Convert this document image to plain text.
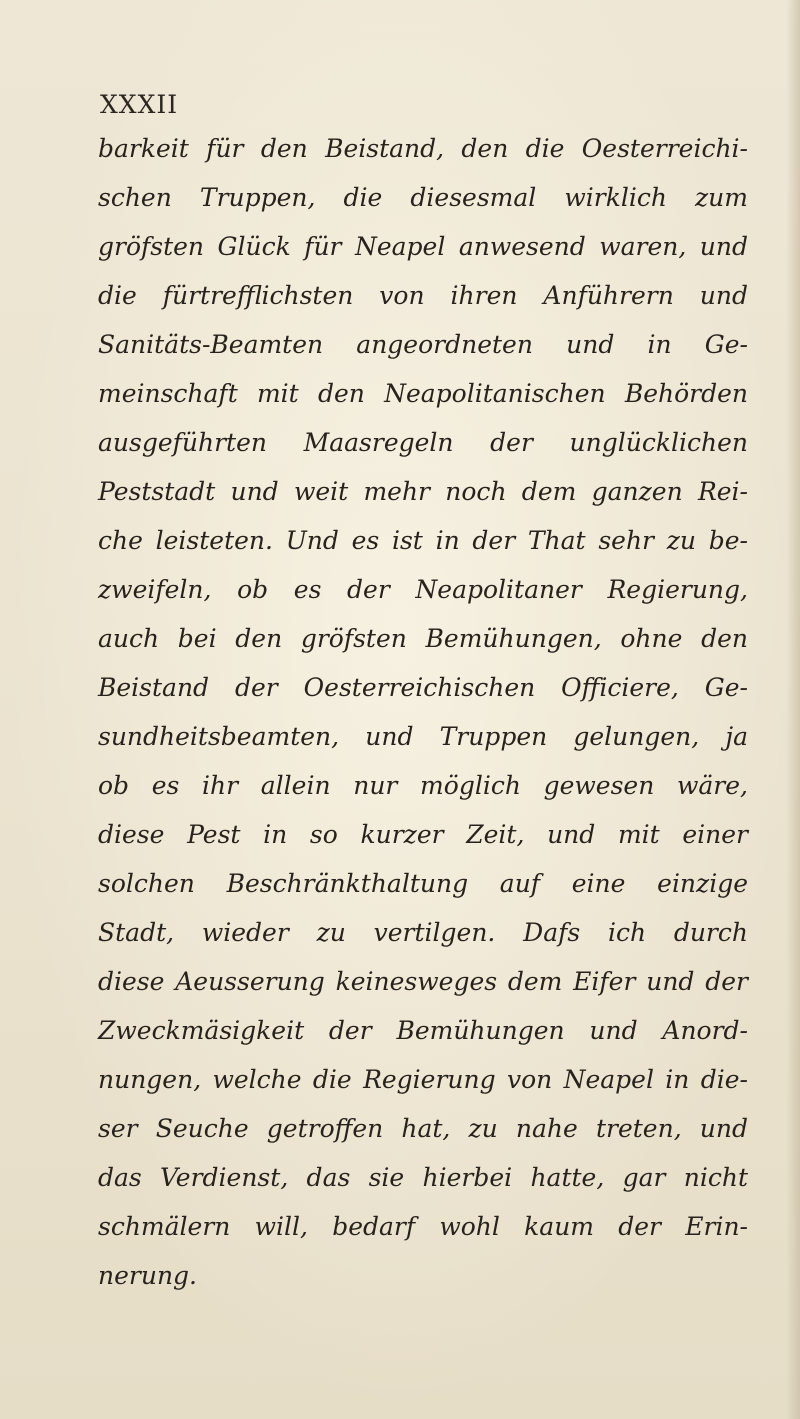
XXXII
barkeit für den Beistand, den die Oesterreichi-
schen Truppen, die diesesmal wirklich zum
gröfsten Glück für Neapel anwesend waren, und
die fürtrefflichsten von ihren Anführern und
Sanitäts-Beamten angeordneten und in Ge-
meinschaft mit den Neapolitanischen Behörden
ausgeführten Maasregeln der unglücklichen
Peststadt und weit mehr noch dem ganzen Rei-
che leisteten. Und es ist in der That sehr zu be-
zweifeln, ob es der Neapolitaner Regierung,
auch bei den gröfsten Bemühungen, ohne den
Beistand der Oesterreichischen Officiere, Ge-
sundheitsbeamten, und Truppen gelungen, ja
ob es ihr allein nur möglich gewesen wäre,
diese Pest in so kurzer Zeit, und mit einer
solchen Beschränkthaltung auf eine einzige
Stadt, wieder zu vertilgen. Dafs ich durch
diese Aeusserung keinesweges dem Eifer und der
Zweckmäsigkeit der Bemühungen und Anord-
nungen, welche die Regierung von Neapel in die-
ser Seuche getroffen hat, zu nahe treten, und
das Verdienst, das sie hierbei hatte, gar nicht
schmälern will, bedarf wohl kaum der Erin-
nerung.
